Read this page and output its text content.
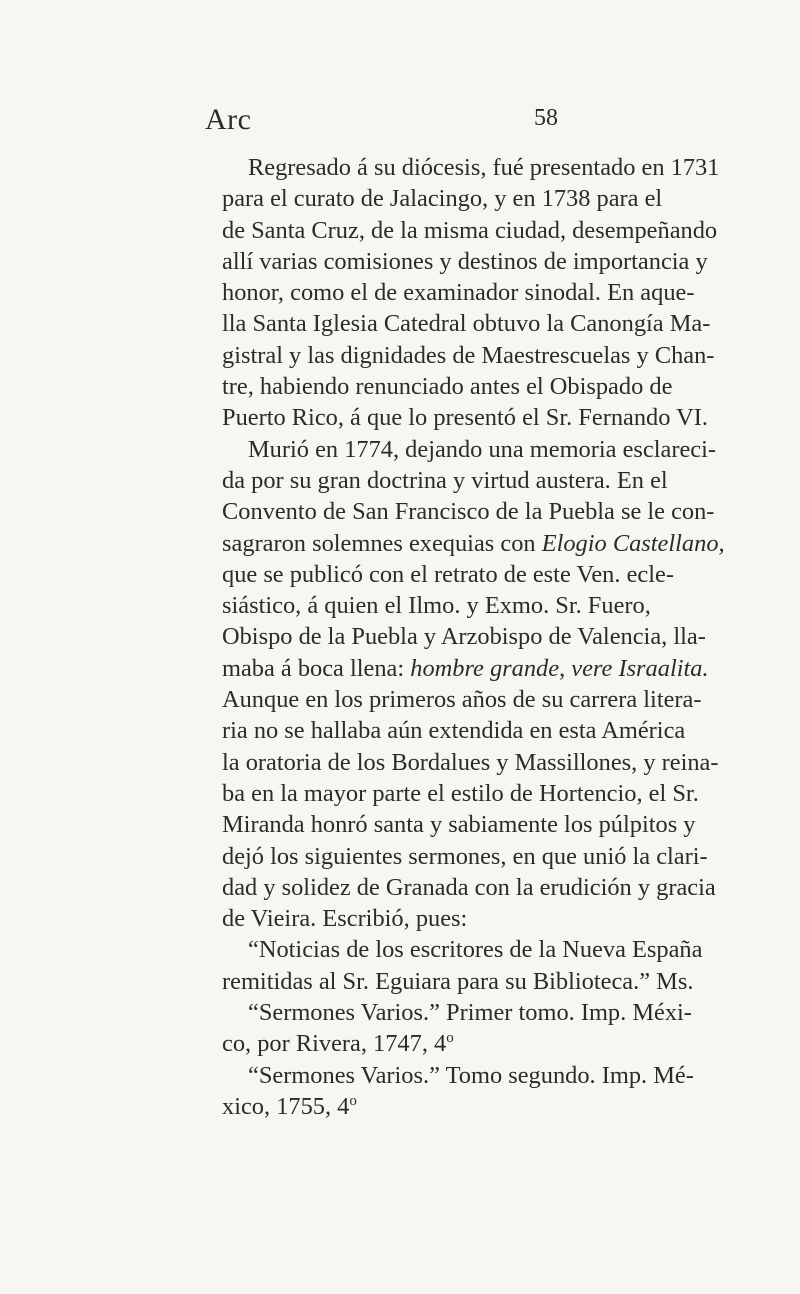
Arc	58
Regresado á su diócesis, fué presentado en 1731
para el curato de Jalacingo, y en 1738 para el
de Santa Cruz, de la misma ciudad, desempeñando
allí varias comisiones y destinos de importancia y
honor, como el de examinador sinodal. En aque-
lla Santa Iglesia Catedral obtuvo la Canongía Ma-
gistral y las dignidades de Maestrescuelas y Chan-
tre, habiendo renunciado antes el Obispado de
Puerto Rico, á que lo presentó el Sr. Fernando VI.
Murió en 1774, dejando una memoria esclareci-
da por su gran doctrina y virtud austera. En el
Convento de San Francisco de la Puebla se le con-
sagraron solemnes exequias con Elogio Castellano,
que se publicó con el retrato de este Ven. ecle-
siástico, á quien el Ilmo. y Exmo. Sr. Fuero,
Obispo de la Puebla y Arzobispo de Valencia, lla-
maba á boca llena: hombre grande, vere Israalita.
Aunque en los primeros años de su carrera litera-
ria no se hallaba aún extendida en esta América
la oratoria de los Bordalues y Massillones, y reina-
ba en la mayor parte el estilo de Hortencio, el Sr.
Miranda honró santa y sabiamente los púlpitos y
dejó los siguientes sermones, en que unió la clari-
dad y solidez de Granada con la erudición y gracia
de Vieira. Escribió, pues:
“Noticias de los escritores de la Nueva España
remitidas al Sr. Eguiara para su Biblioteca.” Ms.
“Sermones Varios.” Primer tomo. Imp. Méxi-
co, por Rivera, 1747, 4$^o$
“Sermones Varios.” Tomo segundo. Imp. Mé-
xico, 1755, 4$^o$
